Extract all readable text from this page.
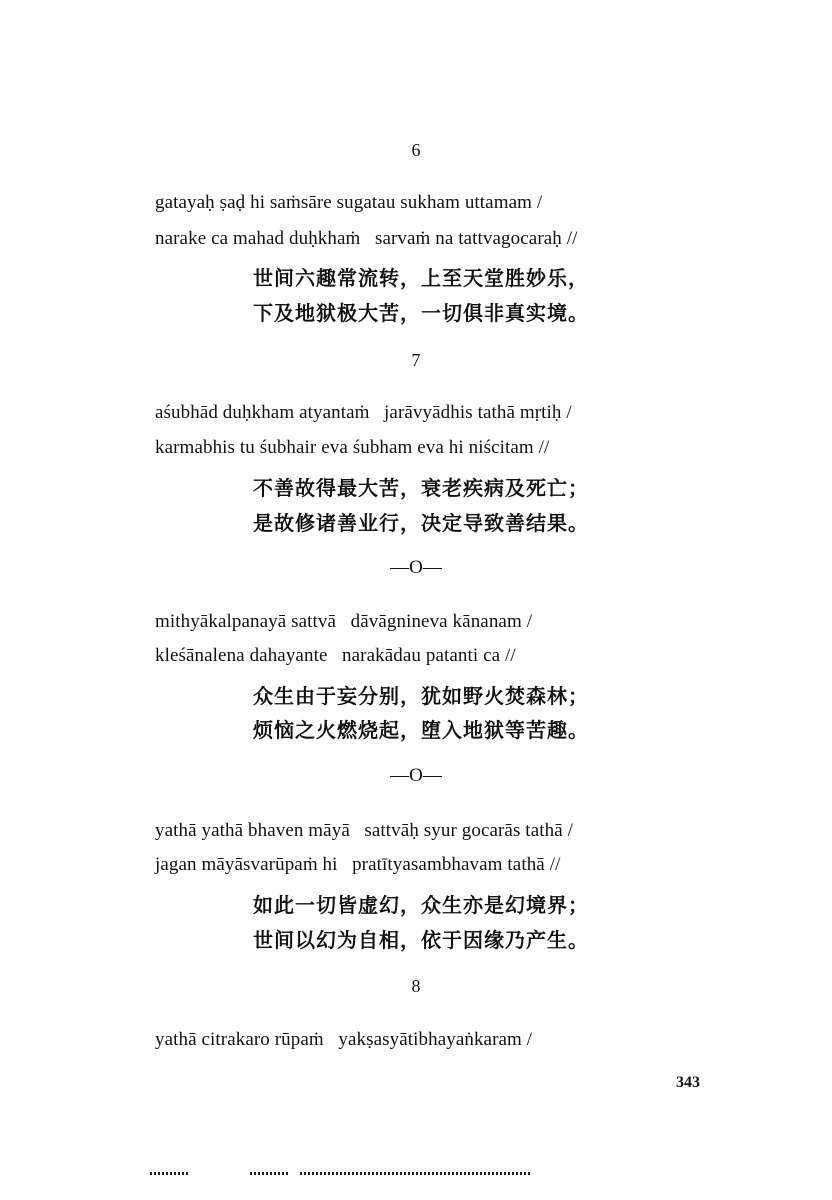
6
gatayaḥ ṣaḍ hi saṁsāre sugatau sukham uttamam /
narake ca mahad duḥkhaṁ   sarvaṁ na tattvagocaraḥ //
世间六趣常流转，上至天堂胜妙乐，
下及地狱极大苦，一切俱非真实境。
7
aśubhād duḥkham atyantaṁ   jarāvyādhis tathā mṛtiḥ /
karmabhis tu śubhair eva śubham eva hi niścitam //
不善故得最大苦，衰老疾病及死亡；
是故修诸善业行，决定导致善结果。
—O—
mithyākalpanayā sattvā   dāvāgnineva kānanam /
kleśānalena dahayante   narakādau patanti ca //
众生由于妄分别，犹如野火焚森林；
烦恼之火燃烧起，堕入地狱等苦趣。
—O—
yathā yathā bhaven māyā   sattvāḥ syur gocarās tathā /
jagan māyāsvarūpaṁ hi   pratītyasambhavam tathā //
如此一切皆虚幻，众生亦是幻境界；
世间以幻为自相，依于因缘乃产生。
8
yathā citrakaro rūpaṁ   yakṣasyātibhayaṅkaram /
343
